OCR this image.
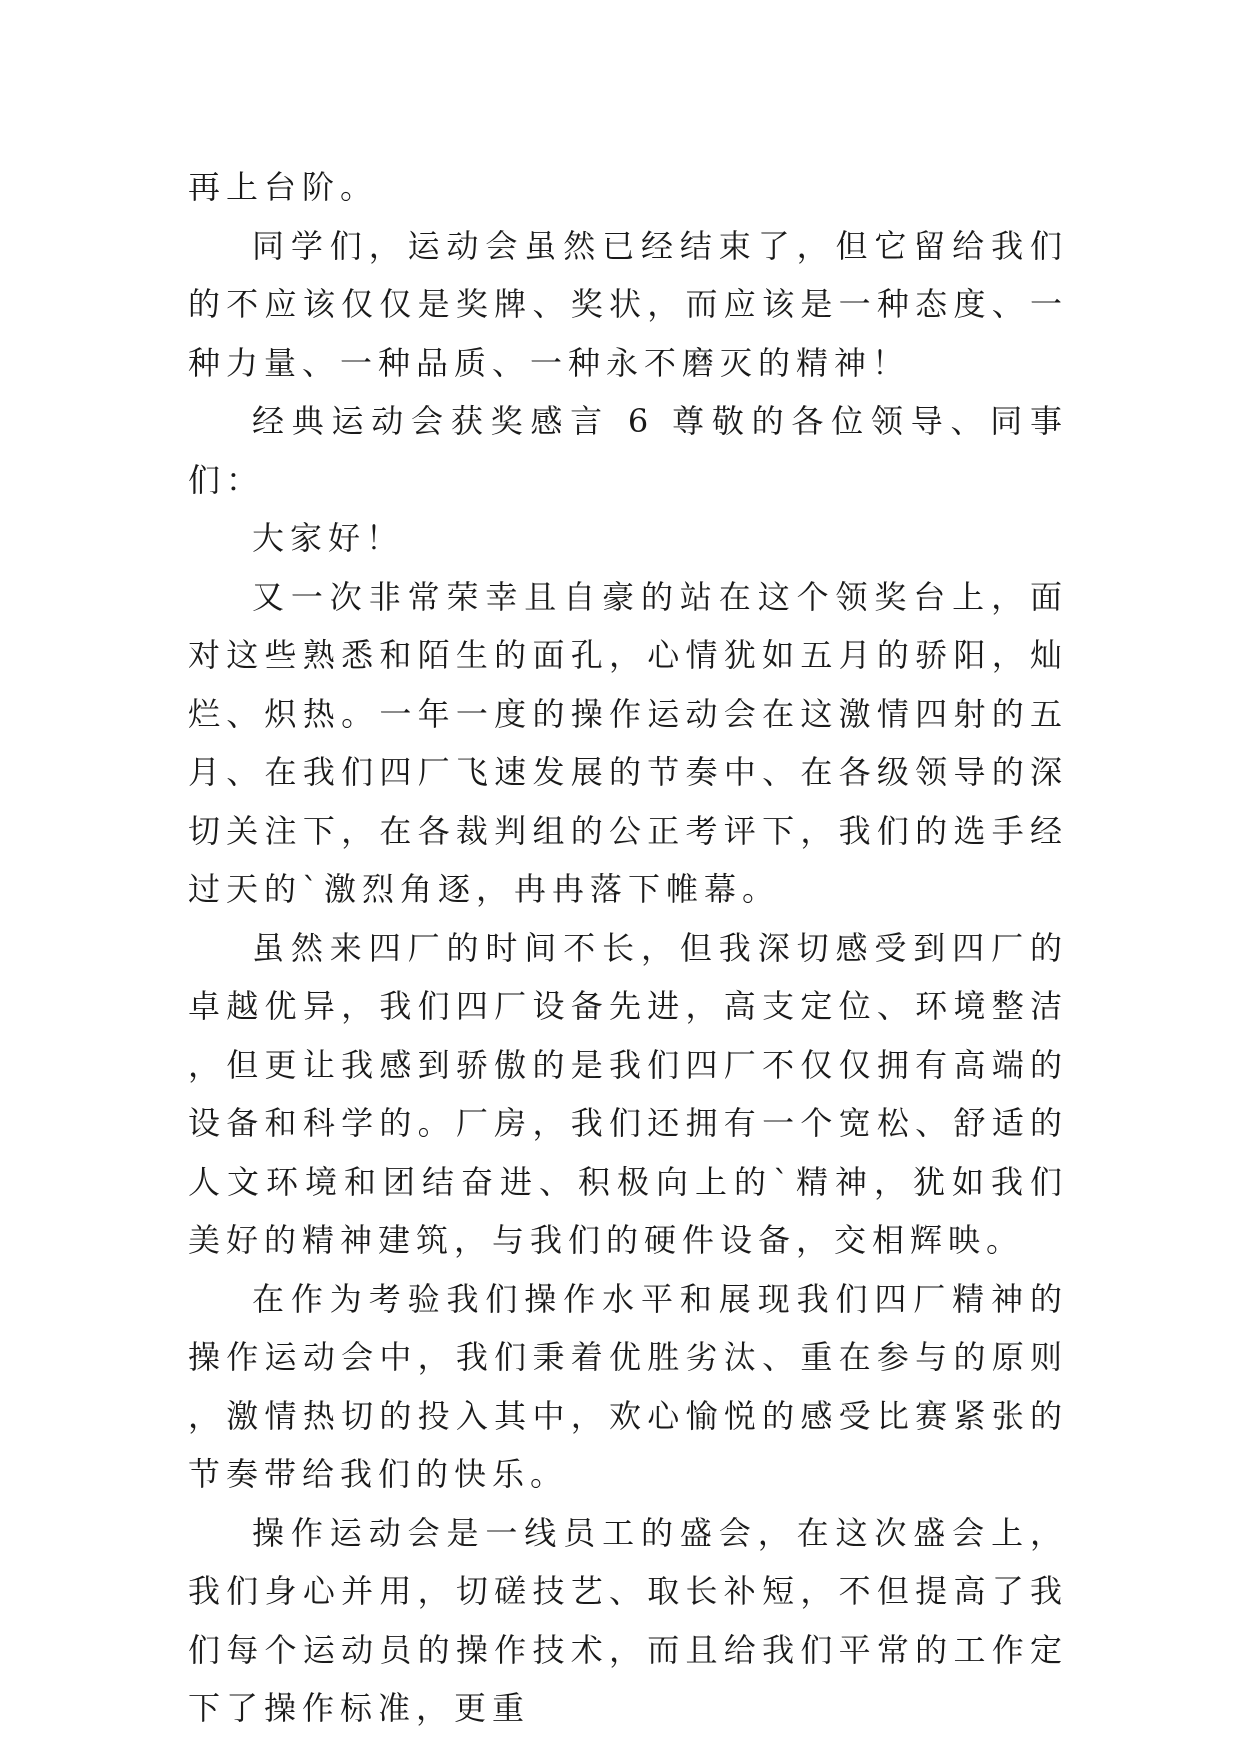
再上台阶。

同学们，运动会虽然已经结束了，但它留给我们的不应该仅仅是奖牌、奖状，而应该是一种态度、一种力量、一种品质、一种永不磨灭的精神！

经典运动会获奖感言 6 尊敬的各位领导、同事们：

大家好！

又一次非常荣幸且自豪的站在这个领奖台上，面对这些熟悉和陌生的面孔，心情犹如五月的骄阳，灿烂、炽热。一年一度的操作运动会在这激情四射的五月、在我们四厂飞速发展的节奏中、在各级领导的深切关注下，在各裁判组的公正考评下，我们的选手经过天的`激烈角逐，冉冉落下帷幕。

虽然来四厂的时间不长，但我深切感受到四厂的卓越优异，我们四厂设备先进，高支定位、环境整洁，但更让我感到骄傲的是我们四厂不仅仅拥有高端的设备和科学的。厂房，我们还拥有一个宽松、舒适的人文环境和团结奋进、积极向上的`精神，犹如我们美好的精神建筑，与我们的硬件设备，交相辉映。

在作为考验我们操作水平和展现我们四厂精神的操作运动会中，我们秉着优胜劣汰、重在参与的原则，激情热切的投入其中，欢心愉悦的感受比赛紧张的节奏带给我们的快乐。

操作运动会是一线员工的盛会，在这次盛会上，我们身心并用，切磋技艺、取长补短，不但提高了我们每个运动员的操作技术，而且给我们平常的工作定下了操作标准，更重
